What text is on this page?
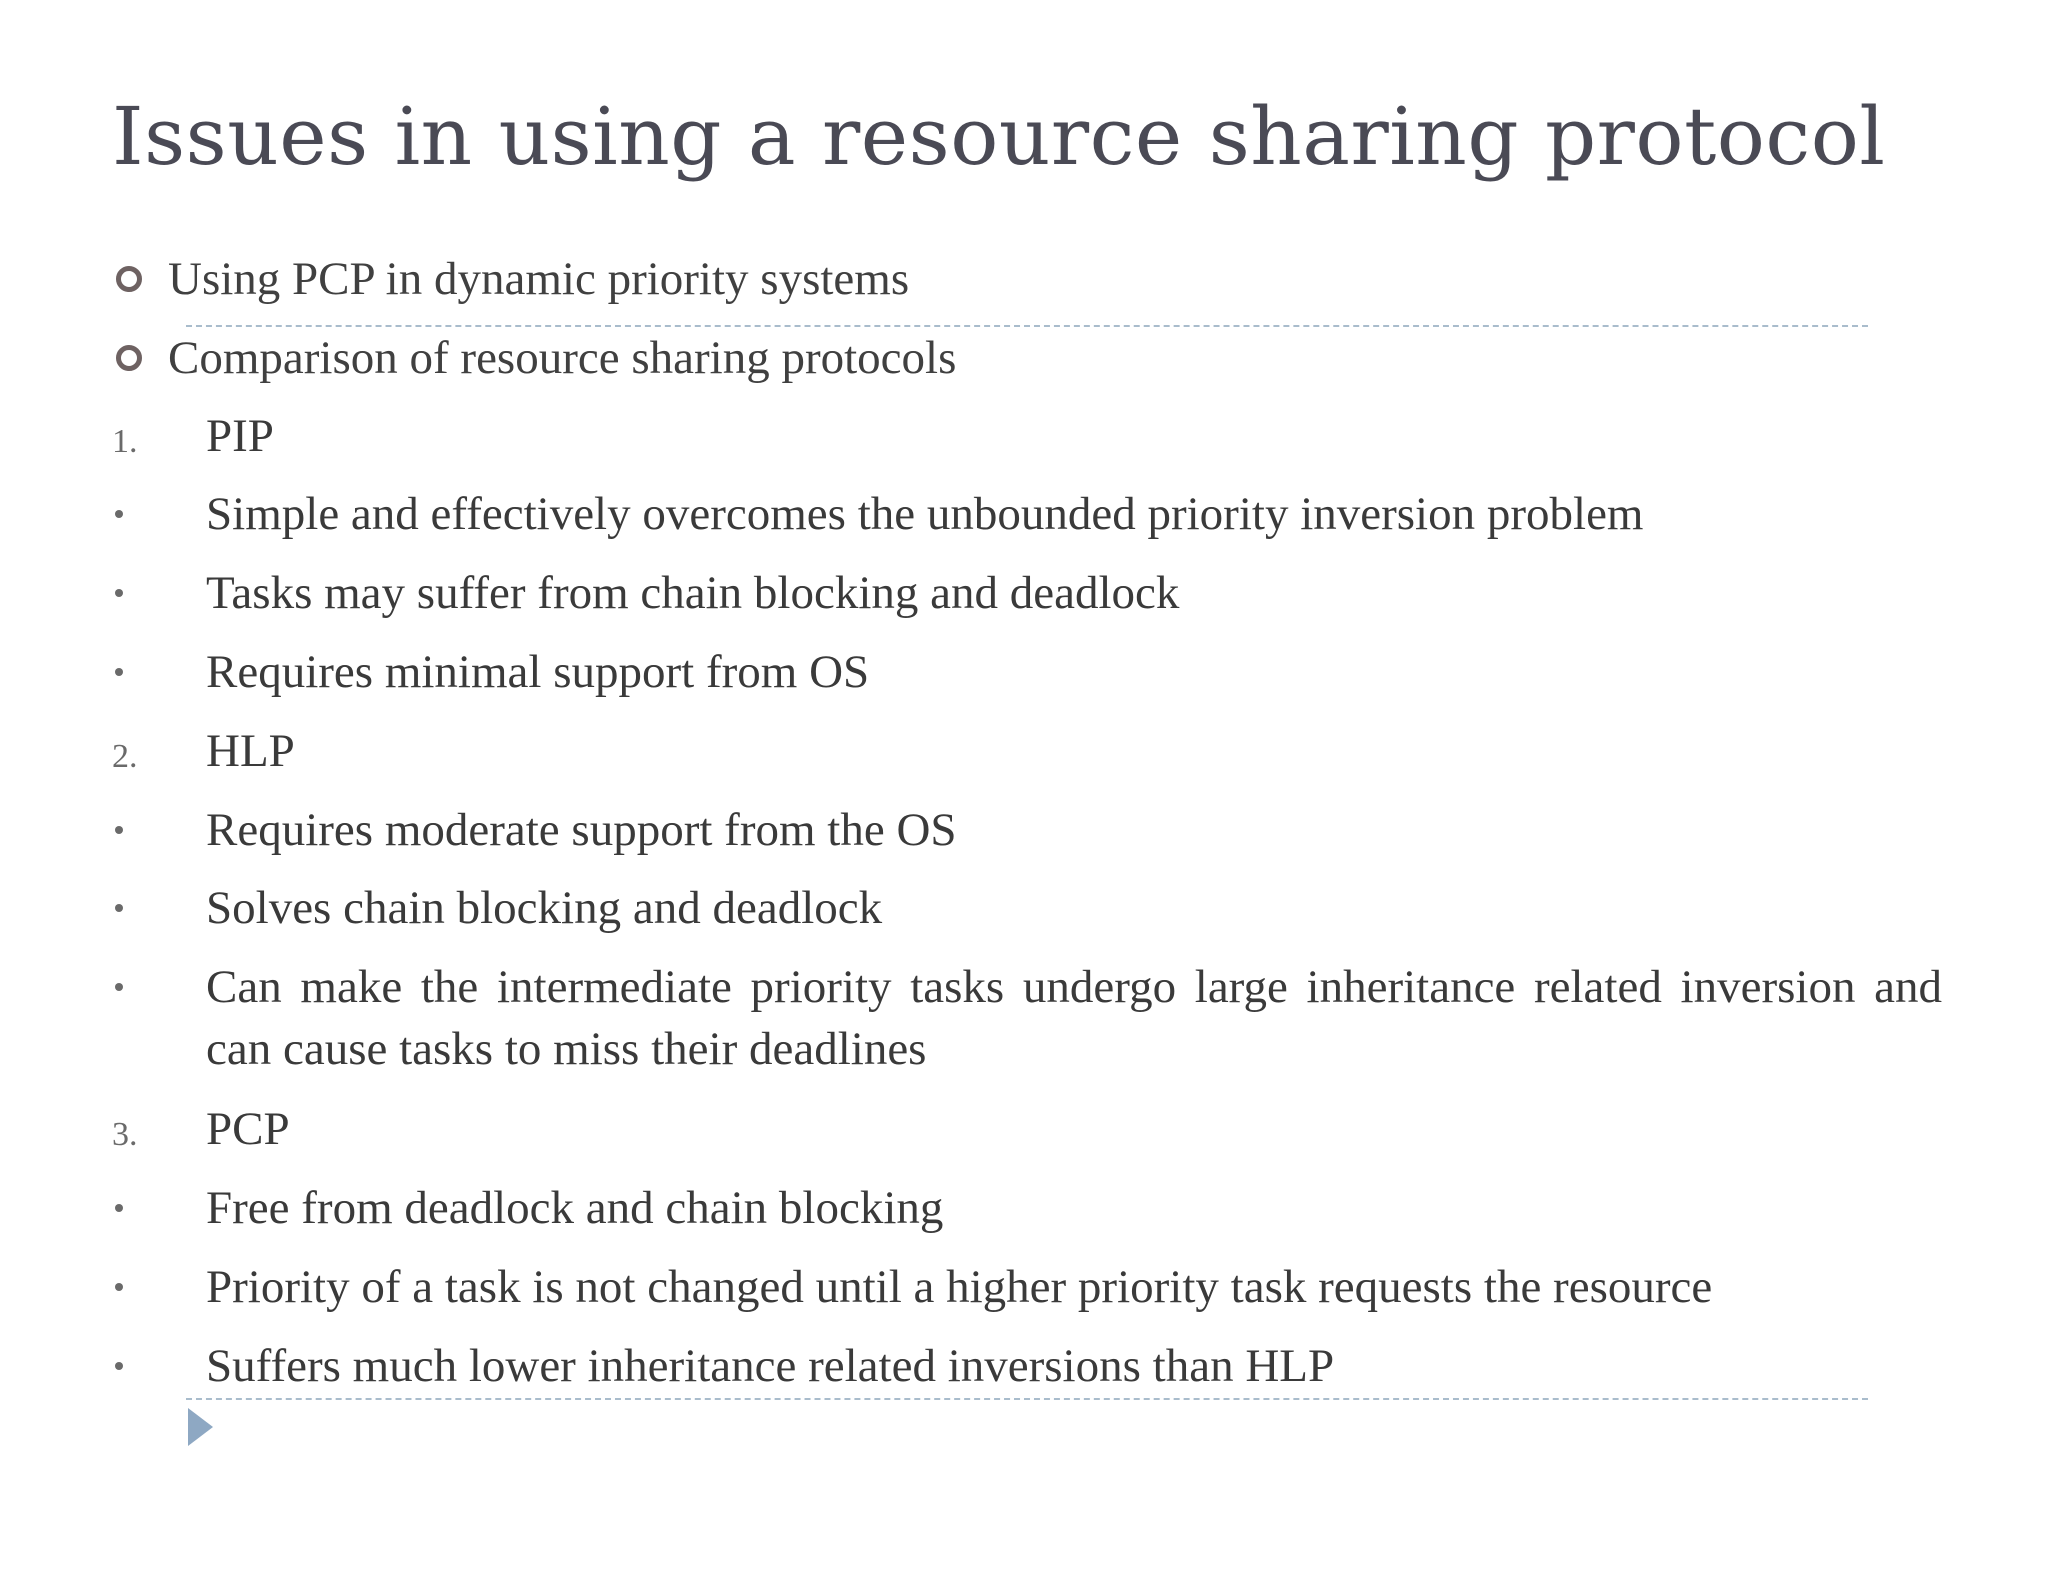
Issues in using a resource sharing protocol
Using PCP in dynamic priority systems
Comparison of resource sharing protocols
1. PIP
Simple and effectively overcomes the unbounded priority inversion problem
Tasks may suffer from chain blocking and deadlock
Requires minimal support from OS
2. HLP
Requires moderate support from the OS
Solves chain blocking and deadlock
Can make the intermediate priority tasks undergo large inheritance related inversion and can cause tasks to miss their deadlines
3. PCP
Free from deadlock and chain blocking
Priority of a task is not changed until a higher priority task requests the resource
Suffers much lower inheritance related inversions than HLP
